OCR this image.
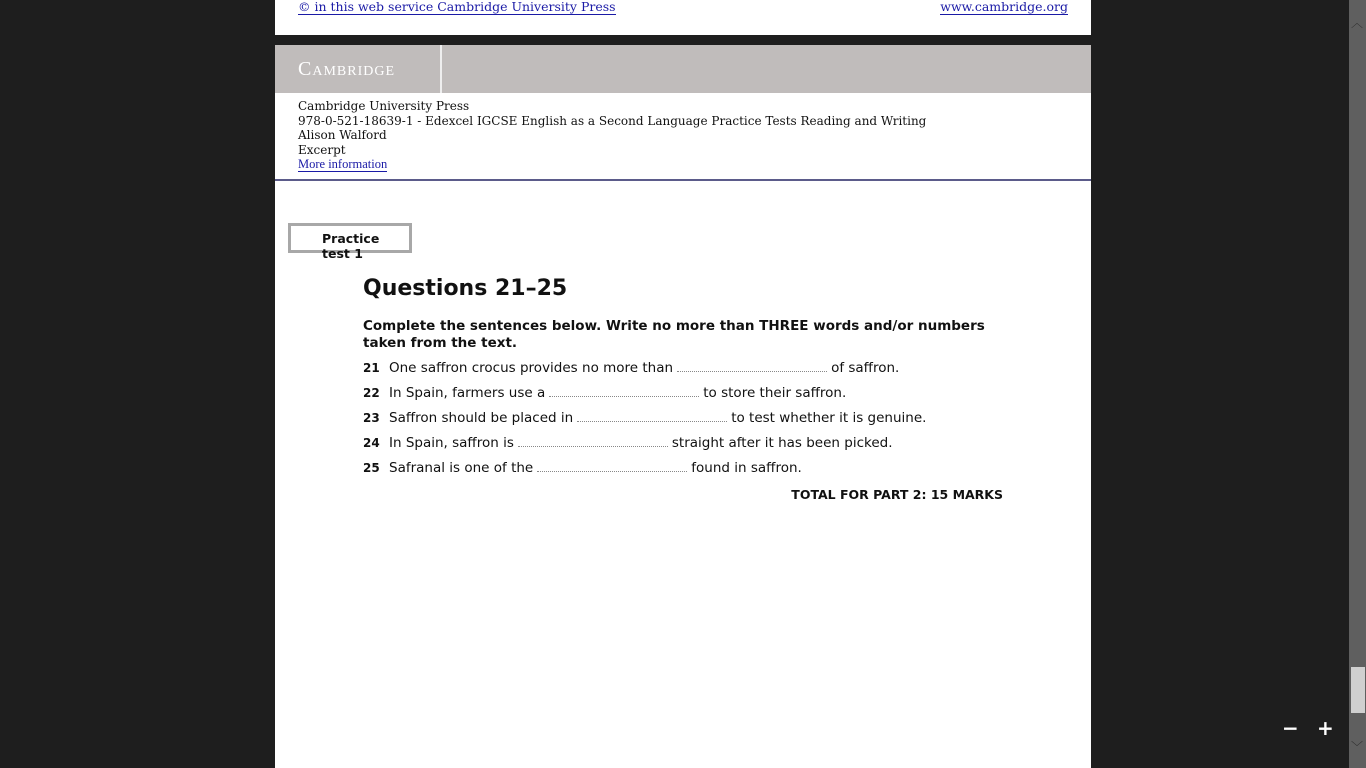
© in this web service Cambridge University Press	www.cambridge.org
Cambridge
Cambridge University Press
978-0-521-18639-1 - Edexcel IGCSE English as a Second Language Practice Tests Reading and Writing
Alison Walford
Excerpt
More information
Practice test 1
Questions 21–25
Complete the sentences below. Write no more than THREE words and/or numbers taken from the text.
21 One saffron crocus provides no more than	of saffron.
22 In Spain, farmers use a	to store their saffron.
23 Saffron should be placed in	to test whether it is genuine.
24 In Spain, saffron is	straight after it has been picked.
25 Safranal is one of the	found in saffron.
TOTAL FOR PART 2: 15 MARKS
− +
︿
﹀
